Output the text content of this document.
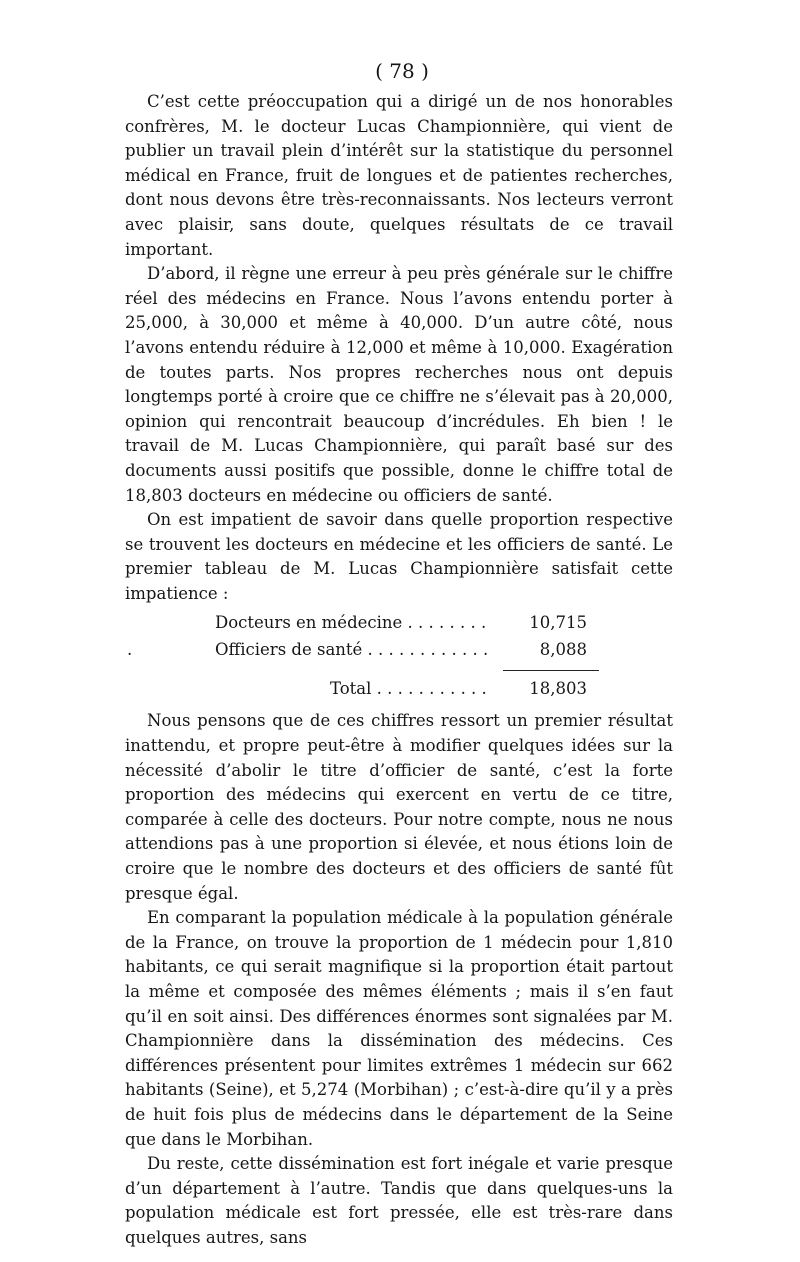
( 78 )

C’est cette préoccupation qui a dirigé un de nos honorables confrères, M. le docteur Lucas Championnière, qui vient de publier un travail plein d’intérêt sur la statistique du personnel médical en France, fruit de longues et de patientes recherches, dont nous devons être très-reconnaissants. Nos lecteurs verront avec plaisir, sans doute, quelques résultats de ce travail important.

D’abord, il règne une erreur à peu près générale sur le chiffre réel des médecins en France. Nous l’avons entendu porter à 25,000, à 30,000 et même à 40,000. D’un autre côté, nous l’avons entendu réduire à 12,000 et même à 10,000. Exagération de toutes parts. Nos propres recherches nous ont depuis longtemps porté à croire que ce chiffre ne s’élevait pas à 20,000, opinion qui rencontrait beaucoup d’incrédules. Eh bien ! le travail de M. Lucas Championnière, qui paraît basé sur des documents aussi positifs que possible, donne le chiffre total de 18,803 docteurs en médecine ou officiers de santé.

On est impatient de savoir dans quelle proportion respective se trouvent les docteurs en médecine et les officiers de santé. Le premier tableau de M. Lucas Championnière satisfait cette impatience :

Docteurs en médecine . . .	10,715
.	Officiers de santé . . .	8,088
Total . . .	18,803

Nous pensons que de ces chiffres ressort un premier résultat inattendu, et propre peut-être à modifier quelques idées sur la nécessité d’abolir le titre d’officier de santé, c’est la forte proportion des médecins qui exercent en vertu de ce titre, comparée à celle des docteurs. Pour notre compte, nous ne nous attendions pas à une proportion si élevée, et nous étions loin de croire que le nombre des docteurs et des officiers de santé fût presque égal.

En comparant la population médicale à la population générale de la France, on trouve la proportion de 1 médecin pour 1,810 habitants, ce qui serait magnifique si la proportion était partout la même et composée des mêmes éléments ; mais il s’en faut qu’il en soit ainsi. Des différences énormes sont signalées par M. Championnière dans la dissémination des médecins. Ces différences présentent pour limites extrêmes 1 médecin sur 662 habitants (Seine), et 5,274 (Morbihan) ; c’est-à-dire qu’il y a près de huit fois plus de médecins dans le département de la Seine que dans le Morbihan.

Du reste, cette dissémination est fort inégale et varie presque d’un département à l’autre. Tandis que dans quelques-uns la population médicale est fort pressée, elle est très-rare dans quelques autres, sans
